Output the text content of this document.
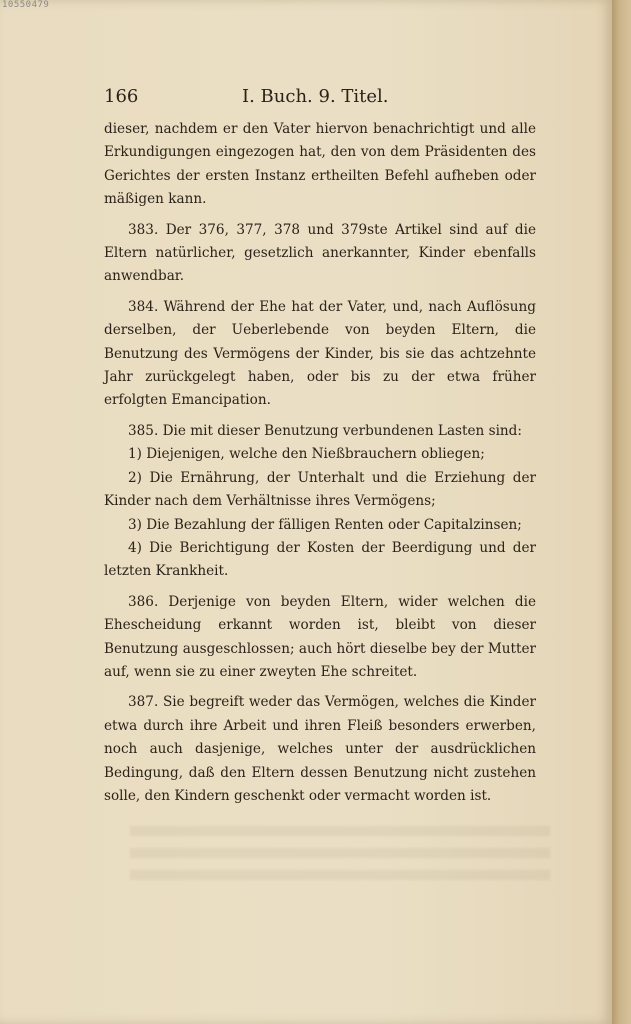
10550479
166	I. Buch. 9. Titel.

dieser, nachdem er den Vater hiervon benachrichtigt und alle Erkundigungen eingezogen hat, den von dem Präsidenten des Gerichtes der ersten Instanz ertheilten Befehl aufheben oder mäßigen kann.

383. Der 376, 377, 378 und 379ste Artikel sind auf die Eltern natürlicher, gesetzlich anerkannter, Kinder ebenfalls anwendbar.

384. Während der Ehe hat der Vater, und, nach Auflösung derselben, der Ueberlebende von beyden Eltern, die Benutzung des Vermögens der Kinder, bis sie das achtzehnte Jahr zurückgelegt haben, oder bis zu der etwa früher erfolgten Emancipation.

385. Die mit dieser Benutzung verbundenen Lasten sind:

1) Diejenigen, welche den Nießbrauchern obliegen;

2) Die Ernährung, der Unterhalt und die Erziehung der Kinder nach dem Verhältnisse ihres Vermögens;

3) Die Bezahlung der fälligen Renten oder Capitalzinsen;

4) Die Berichtigung der Kosten der Beerdigung und der letzten Krankheit.

386. Derjenige von beyden Eltern, wider welchen die Ehescheidung erkannt worden ist, bleibt von dieser Benutzung ausgeschlossen; auch hört dieselbe bey der Mutter auf, wenn sie zu einer zweyten Ehe schreitet.

387. Sie begreift weder das Vermögen, welches die Kinder etwa durch ihre Arbeit und ihren Fleiß besonders erwerben, noch auch dasjenige, welches unter der ausdrücklichen Bedingung, daß den Eltern dessen Benutzung nicht zustehen solle, den Kindern geschenkt oder vermacht worden ist.
